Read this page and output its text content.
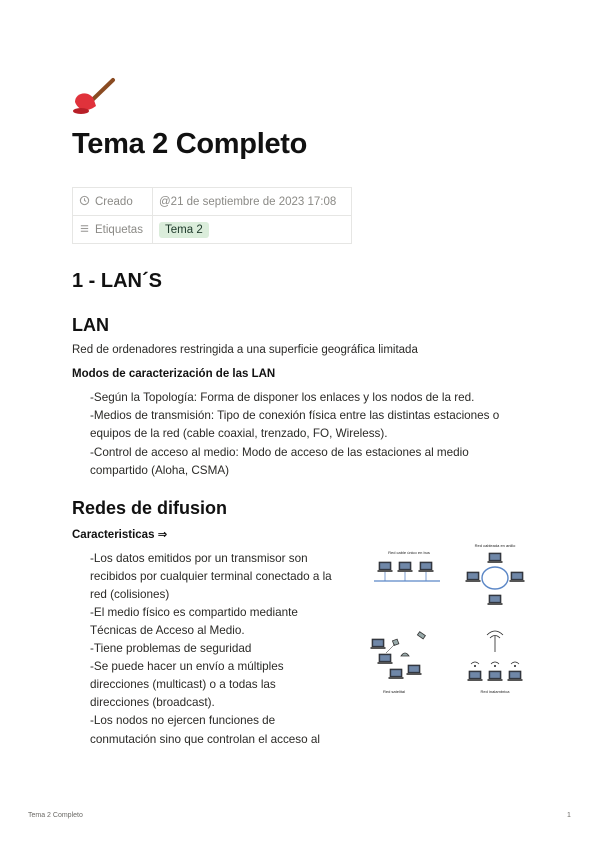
Tema 2 Completo
Creado	@21 de septiembre de 2023 17:08
Etiquetas	Tema 2
1 - LAN´S
LAN

Red de ordenadores restringida a una superficie geográfica limitada

Modos de caracterización de las LAN

-Según la Topología: Forma de disponer los enlaces y los nodos de la red.

-Medios de transmisión: Tipo de conexión física entre las distintas estaciones o

equipos de la red (cable coaxial, trenzado, FO, Wireless).

-Control de acceso al medio: Modo de acceso de las estaciones al medio

compartido (Aloha, CSMA)

Redes de difusion

Caracteristicas ⇒

-Los datos emitidos por un transmisor son

recibidos por cualquier terminal conectado a la

red (colisiones)

-El medio físico es compartido mediante

Técnicas de Acceso al Medio.

-Tiene problemas de seguridad

-Se puede hacer un envío a múltiples

direcciones (multicast) o a todas las

direcciones (broadcast).

-Los nodos no ejercen funciones de

conmutación sino que controlan el acceso al

Red cable único en bus
Red cableada en anillo
Red satelital	Red inalambrica
Tema 2 Completo	1
